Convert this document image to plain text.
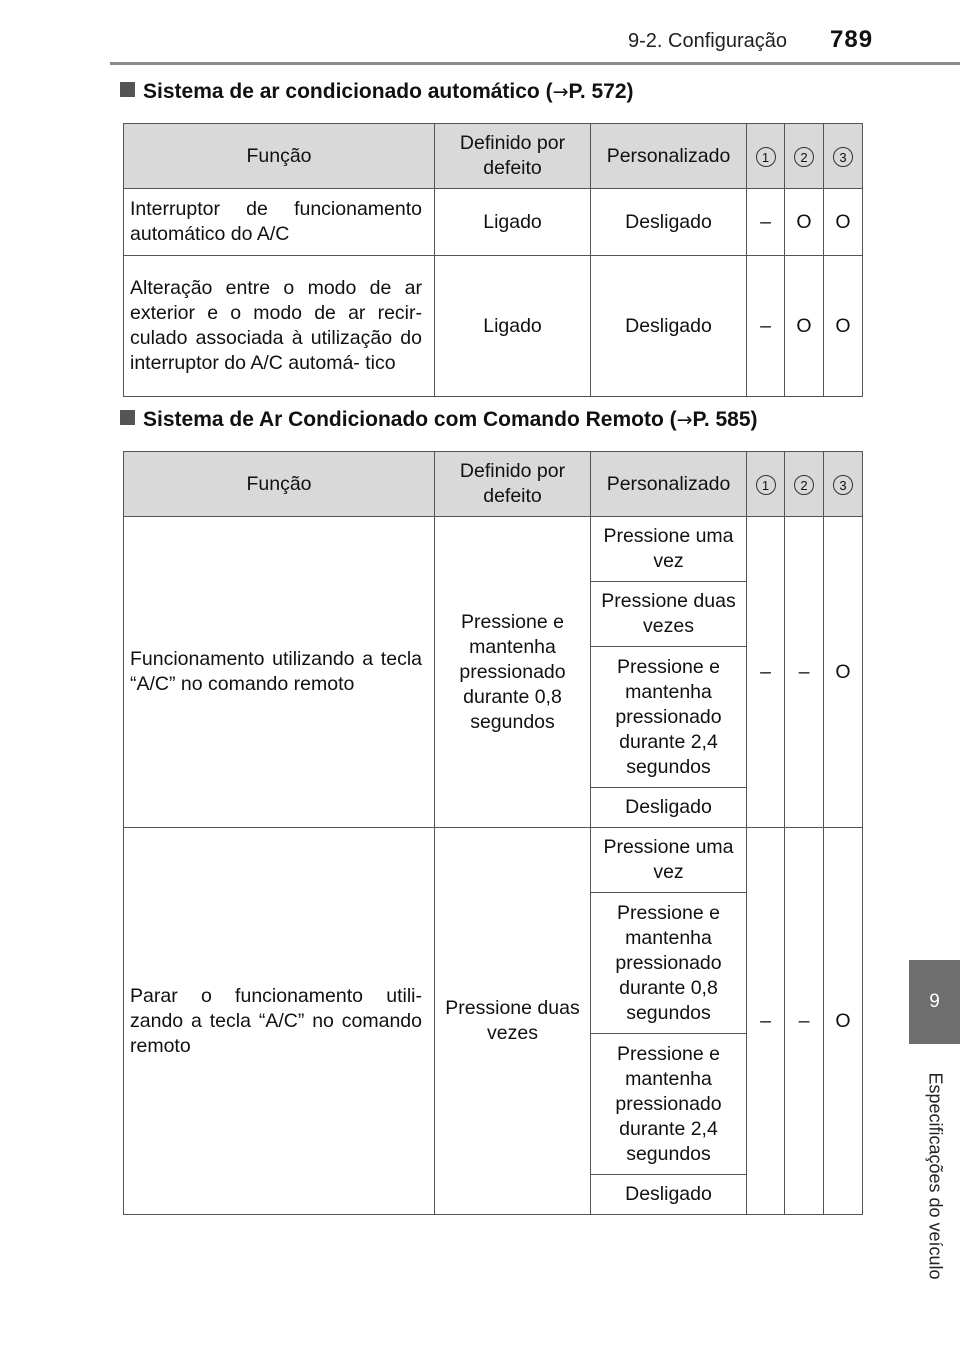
9-2. Configuração 789
9
Especificações do veículo
Sistema de ar condicionado automático (→P. 572)
Função	Definido por defeito	Personalizado	1	2	3
Interruptor de funcionamento automático do A/C	Ligado	Desligado	–	O	O
Alteração entre o modo de ar exterior e o modo de ar recir- culado associada à utilização do interruptor do A/C automá- tico	Ligado	Desligado	–	O	O
Sistema de Ar Condicionado com Comando Remoto (→P. 585)
Função	Definido por defeito	Personalizado	1	2	3
Funcionamento utilizando a tecla “A/C” no comando remoto	Pressione e mantenha pressionado durante 0,8 segundos	Pressione uma vez	–	–	O
		Pressione duas vezes			
		Pressione e mantenha pressionado durante 2,4 segundos			
		Desligado			
Parar o funcionamento utili- zando a tecla “A/C” no comando remoto	Pressione duas vezes	Pressione uma vez	–	–	O
		Pressione e mantenha pressionado durante 0,8 segundos			
		Pressione e mantenha pressionado durante 2,4 segundos			
		Desligado			
